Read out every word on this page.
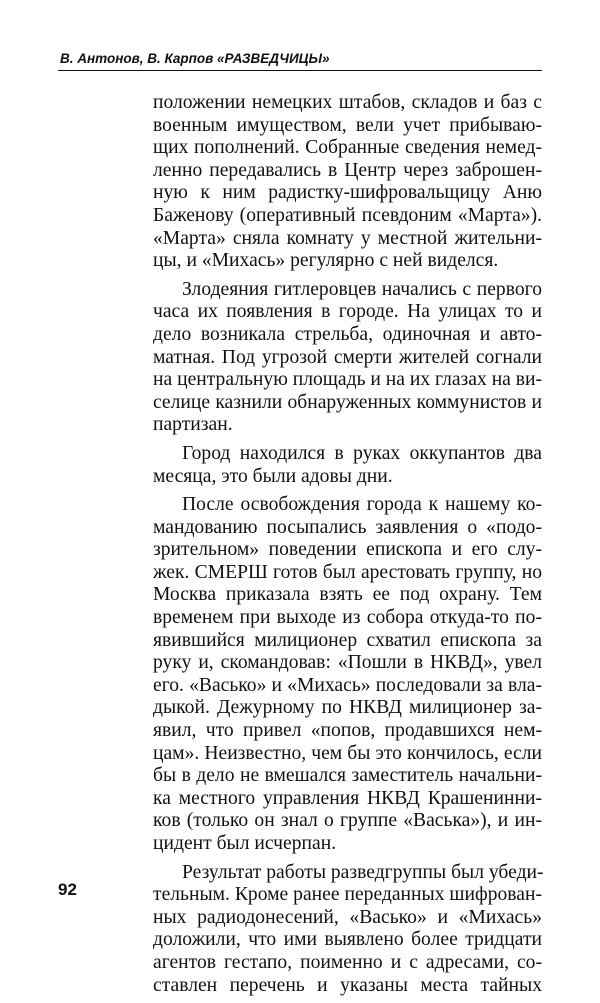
В. Антонов, В. Карпов «РАЗВЕДЧИЦЫ»
положении немецких штабов, складов и баз с
военным имуществом, вели учет прибываю-
щих пополнений. Собранные сведения немед-
ленно передавались в Центр через заброшен-
ную к ним радистку-шифровальщицу Аню
Баженову (оперативный псевдоним «Марта»).
«Марта» сняла комнату у местной жительни-
цы, и «Михась» регулярно с ней виделся.
Злодеяния гитлеровцев начались с первого
часа их появления в городе. На улицах то и
дело возникала стрельба, одиночная и авто-
матная. Под угрозой смерти жителей согнали
на центральную площадь и на их глазах на ви-
селице казнили обнаруженных коммунистов и
партизан.
Город находился в руках оккупантов два
месяца, это были адовы дни.
После освобождения города к нашему ко-
мандованию посыпались заявления о «подо-
зрительном» поведении епископа и его слу-
жек. СМЕРШ готов был арестовать группу, но
Москва приказала взять ее под охрану. Тем
временем при выходе из собора откуда-то по-
явившийся милиционер схватил епископа за
руку и, скомандовав: «Пошли в НКВД», увел
его. «Васько» и «Михась» последовали за вла-
дыкой. Дежурному по НКВД милиционер за-
явил, что привел «попов, продавшихся нем-
цам». Неизвестно, чем бы это кончилось, если
бы в дело не вмешался заместитель начальни-
ка местного управления НКВД Крашенинни-
ков (только он знал о группе «Васька»), и ин-
цидент был исчерпан.
Результат работы разведгруппы был убеди-
тельным. Кроме ранее переданных шифрован-
ных радиодонесений, «Васько» и «Михась»
доложили, что ими выявлено более тридцати
агентов гестапо, поименно и с адресами, со-
ставлен перечень и указаны места тайных
92
